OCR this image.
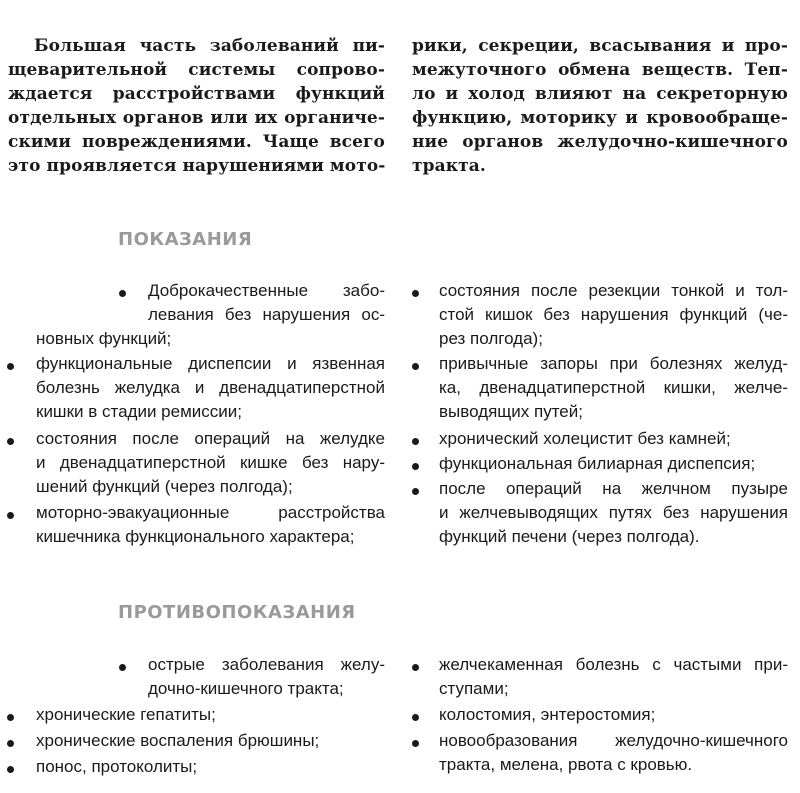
Большая часть заболеваний пи-
щеварительной системы сопрово-
ждается расстройствами функций
отдельных органов или их органиче-
скими повреждениями. Чаще всего
это проявляется нарушениями мото-
рики, секреции, всасывания и про-
межуточного обмена веществ. Теп-
ло и холод влияют на секреторную
функцию, моторику и кровообраще-
ние органов желудочно-кишечного
тракта.
ПОКАЗАНИЯ
Доброкачественные забо-
левания без нарушения ос-
новных функций;
функциональные диспепсии и язвенная
болезнь желудка и двенадцатиперстной
кишки в стадии ремиссии;
состояния после операций на желудке
и двенадцатиперстной кишке без нару-
шений функций (через полгода);
моторно-эвакуационные расстройства
кишечника функционального характера;
состояния после резекции тонкой и тол-
стой кишок без нарушения функций (че-
рез полгода);
привычные запоры при болезнях желуд-
ка, двенадцатиперстной кишки, желче-
выводящих путей;
хронический холецистит без камней;
функциональная билиарная диспепсия;
после операций на желчном пузыре
и желчевыводящих путях без нарушения
функций печени (через полгода).
ПРОТИВОПОКАЗАНИЯ
острые заболевания желу-
дочно-кишечного тракта;
хронические гепатиты;
хронические воспаления брюшины;
понос, протоколиты;
желчекаменная болезнь с частыми при-
ступами;
колостомия, энтеростомия;
новообразования желудочно-кишечного
тракта, мелена, рвота с кровью.
